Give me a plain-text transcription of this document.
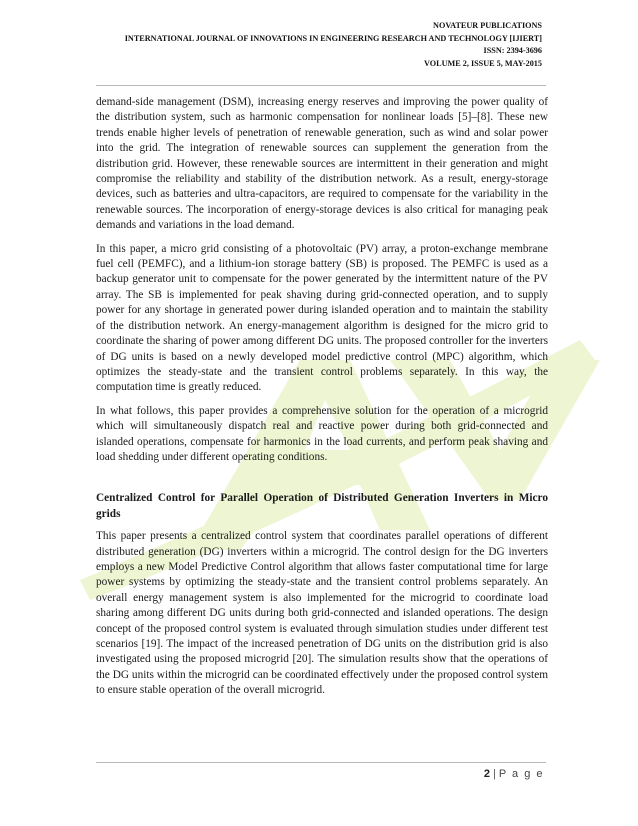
NOVATEUR PUBLICATIONS
INTERNATIONAL JOURNAL OF INNOVATIONS IN ENGINEERING RESEARCH AND TECHNOLOGY [IJIERT]
ISSN: 2394-3696
VOLUME 2, ISSUE 5, MAY-2015

demand-side management (DSM), increasing energy reserves and improving the power quality of the distribution system, such as harmonic compensation for nonlinear loads [5]–[8]. These new trends enable higher levels of penetration of renewable generation, such as wind and solar power into the grid. The integration of renewable sources can supplement the generation from the distribution grid. However, these renewable sources are intermittent in their generation and might compromise the reliability and stability of the distribution network. As a result, energy-storage devices, such as batteries and ultra-capacitors, are required to compensate for the variability in the renewable sources. The incorporation of energy-storage devices is also critical for managing peak demands and variations in the load demand.

In this paper, a micro grid consisting of a photovoltaic (PV) array, a proton-exchange membrane fuel cell (PEMFC), and a lithium-ion storage battery (SB) is proposed. The PEMFC is used as a backup generator unit to compensate for the power generated by the intermittent nature of the PV array. The SB is implemented for peak shaving during grid-connected operation, and to supply power for any shortage in generated power during islanded operation and to maintain the stability of the distribution network. An energy-management algorithm is designed for the micro grid to coordinate the sharing of power among different DG units. The proposed controller for the inverters of DG units is based on a newly developed model predictive control (MPC) algorithm, which optimizes the steady-state and the transient control problems separately. In this way, the computation time is greatly reduced.

In what follows, this paper provides a comprehensive solution for the operation of a microgrid which will simultaneously dispatch real and reactive power during both grid-connected and islanded operations, compensate for harmonics in the load currents, and perform peak shaving and load shedding under different operating conditions.

Centralized Control for Parallel Operation of Distributed Generation Inverters in Micro grids

This paper presents a centralized control system that coordinates parallel operations of different distributed generation (DG) inverters within a microgrid. The control design for the DG inverters employs a new Model Predictive Control algorithm that allows faster computational time for large power systems by optimizing the steady-state and the transient control problems separately. An overall energy management system is also implemented for the microgrid to coordinate load sharing among different DG units during both grid-connected and islanded operations. The design concept of the proposed control system is evaluated through simulation studies under different test scenarios [19]. The impact of the increased penetration of DG units on the distribution grid is also investigated using the proposed microgrid [20]. The simulation results show that the operations of the DG units within the microgrid can be coordinated effectively under the proposed control system to ensure stable operation of the overall microgrid.

2 | P a g e
